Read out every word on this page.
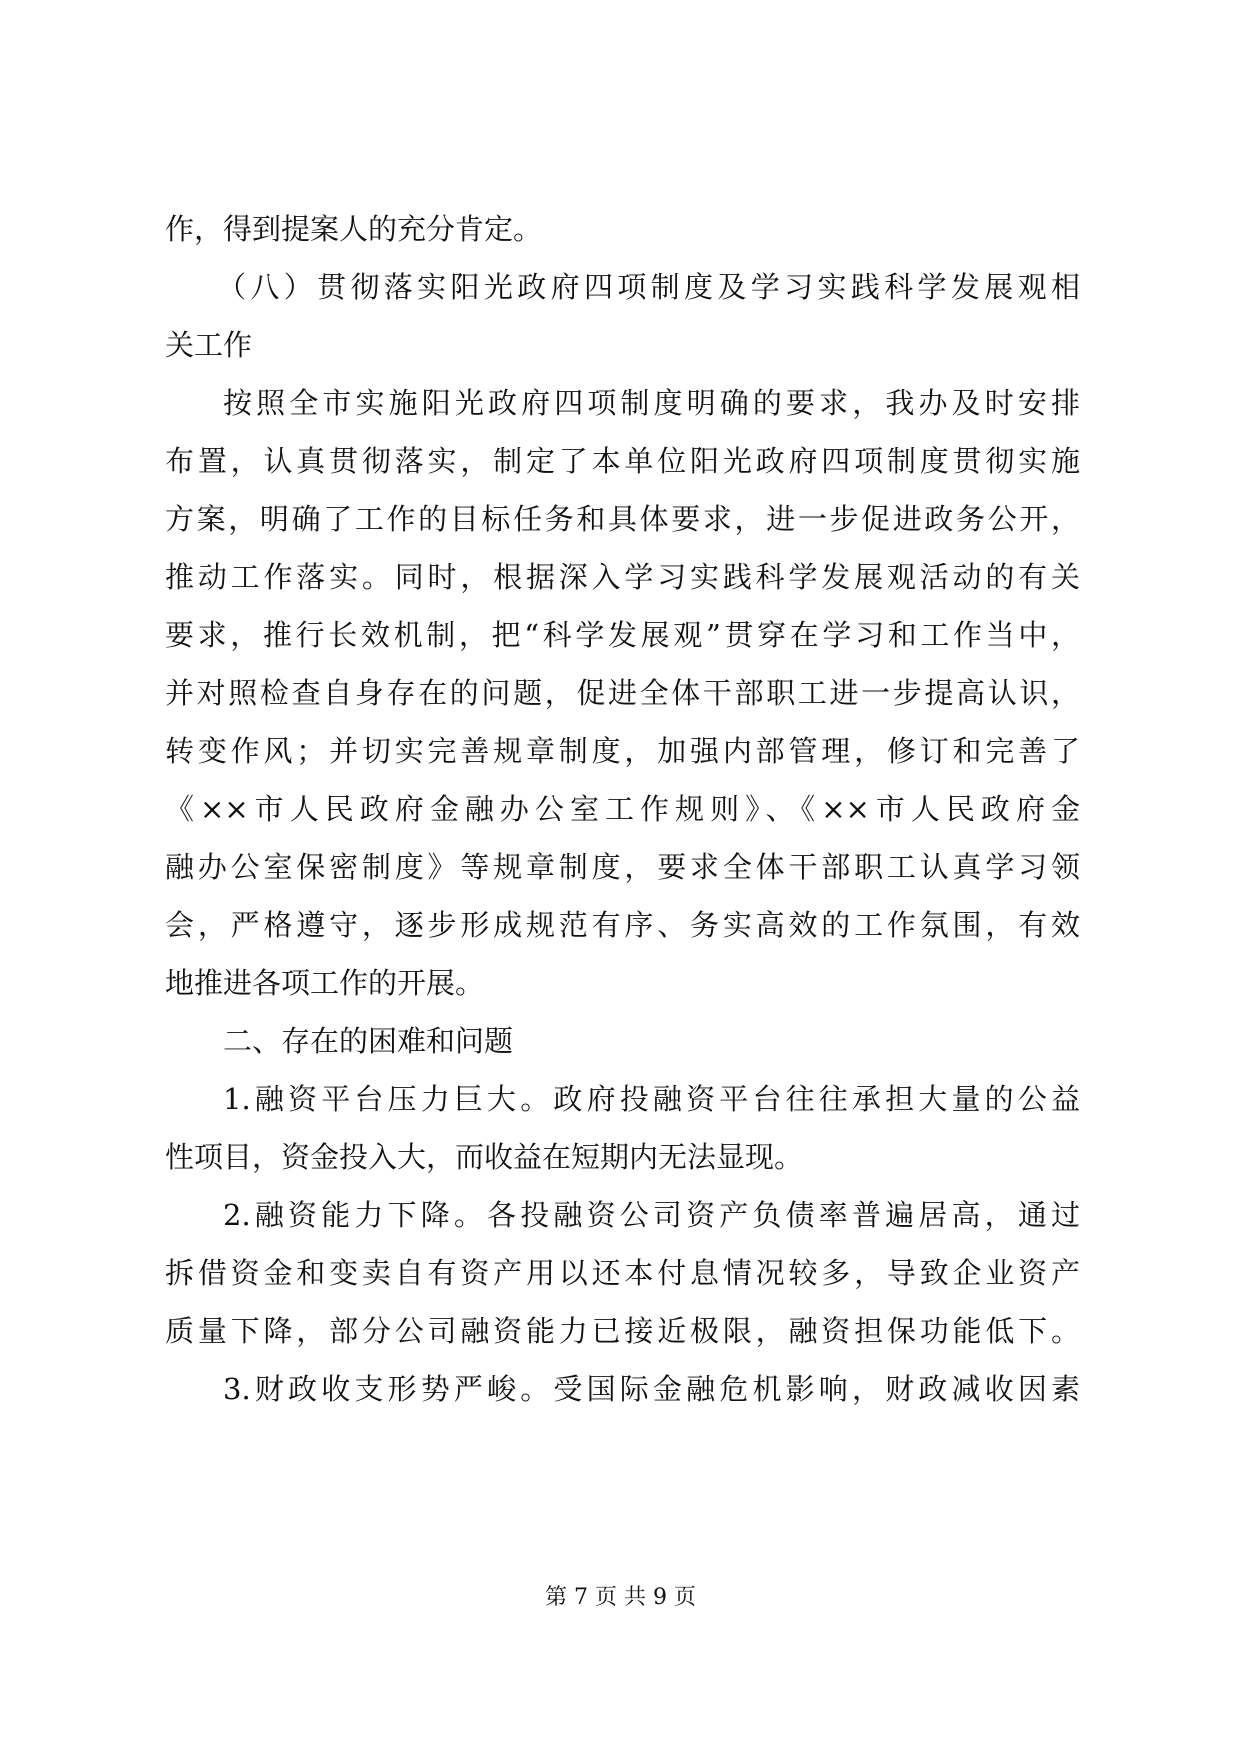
作，得到提案人的充分肯定。
（八）贯彻落实阳光政府四项制度及学习实践科学发展观相
关工作
按照全市实施阳光政府四项制度明确的要求，我办及时安排
布置，认真贯彻落实，制定了本单位阳光政府四项制度贯彻实施
方案，明确了工作的目标任务和具体要求，进一步促进政务公开，
推动工作落实。同时，根据深入学习实践科学发展观活动的有关
要求，推行长效机制，把“科学发展观”贯穿在学习和工作当中，
并对照检查自身存在的问题，促进全体干部职工进一步提高认识，
转变作风；并切实完善规章制度，加强内部管理，修订和完善了
《××市人民政府金融办公室工作规则》、《××市人民政府金
融办公室保密制度》等规章制度，要求全体干部职工认真学习领
会，严格遵守，逐步形成规范有序、务实高效的工作氛围，有效
地推进各项工作的开展。
二、存在的困难和问题
1.融资平台压力巨大。政府投融资平台往往承担大量的公益
性项目，资金投入大，而收益在短期内无法显现。
2.融资能力下降。各投融资公司资产负债率普遍居高，通过
拆借资金和变卖自有资产用以还本付息情况较多，导致企业资产
质量下降，部分公司融资能力已接近极限，融资担保功能低下。
3.财政收支形势严峻。受国际金融危机影响，财政减收因素
第 7 页 共 9 页
